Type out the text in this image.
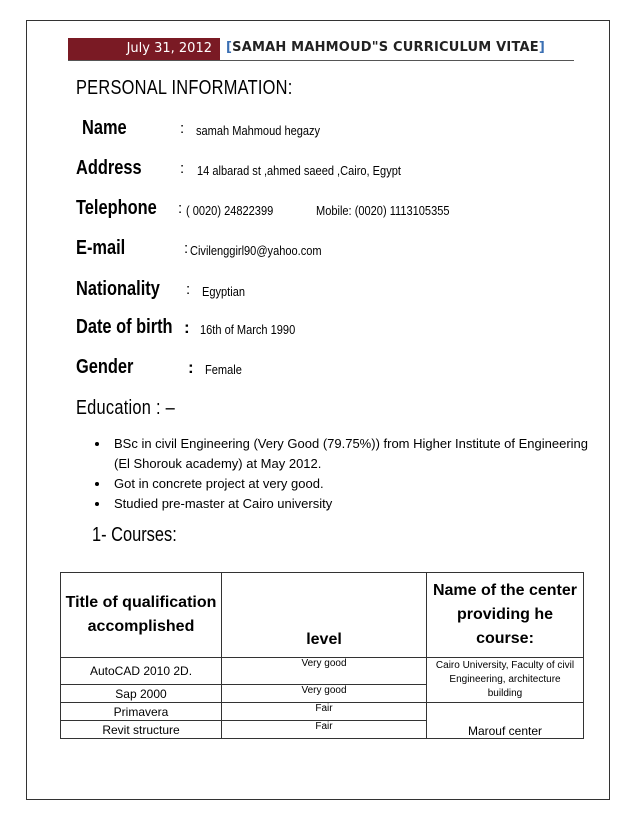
July 31, 2012	[SAMAH MAHMOUD"S CURRICULUM VITAE]
PERSONAL INFORMATION:
Name	: samah Mahmoud hegazy
Address	: 14 albarad st ,ahmed saeed ,Cairo, Egypt
Telephone : ( 0020) 24822399	Mobile: (0020) 1113105355
E-mail	: Civilenggirl90@yahoo.com
Nationality : Egyptian
Date of birth : 16th of March 1990
Gender	: Female
Education : –
• BSc in civil Engineering (Very Good (79.75%)) from Higher Institute of Engineering (El Shorouk academy) at May 2012.
• Got in concrete project at very good.
• Studied pre-master at Cairo university
1- Courses:
Title of qualification accomplished	level	Name of the center providing he course:
AutoCAD 2010 2D.	Very good	Cairo University, Faculty of civil Engineering, architecture building
Sap 2000	Very good	
Primavera	Fair	Marouf center
Revit structure	Fair	
